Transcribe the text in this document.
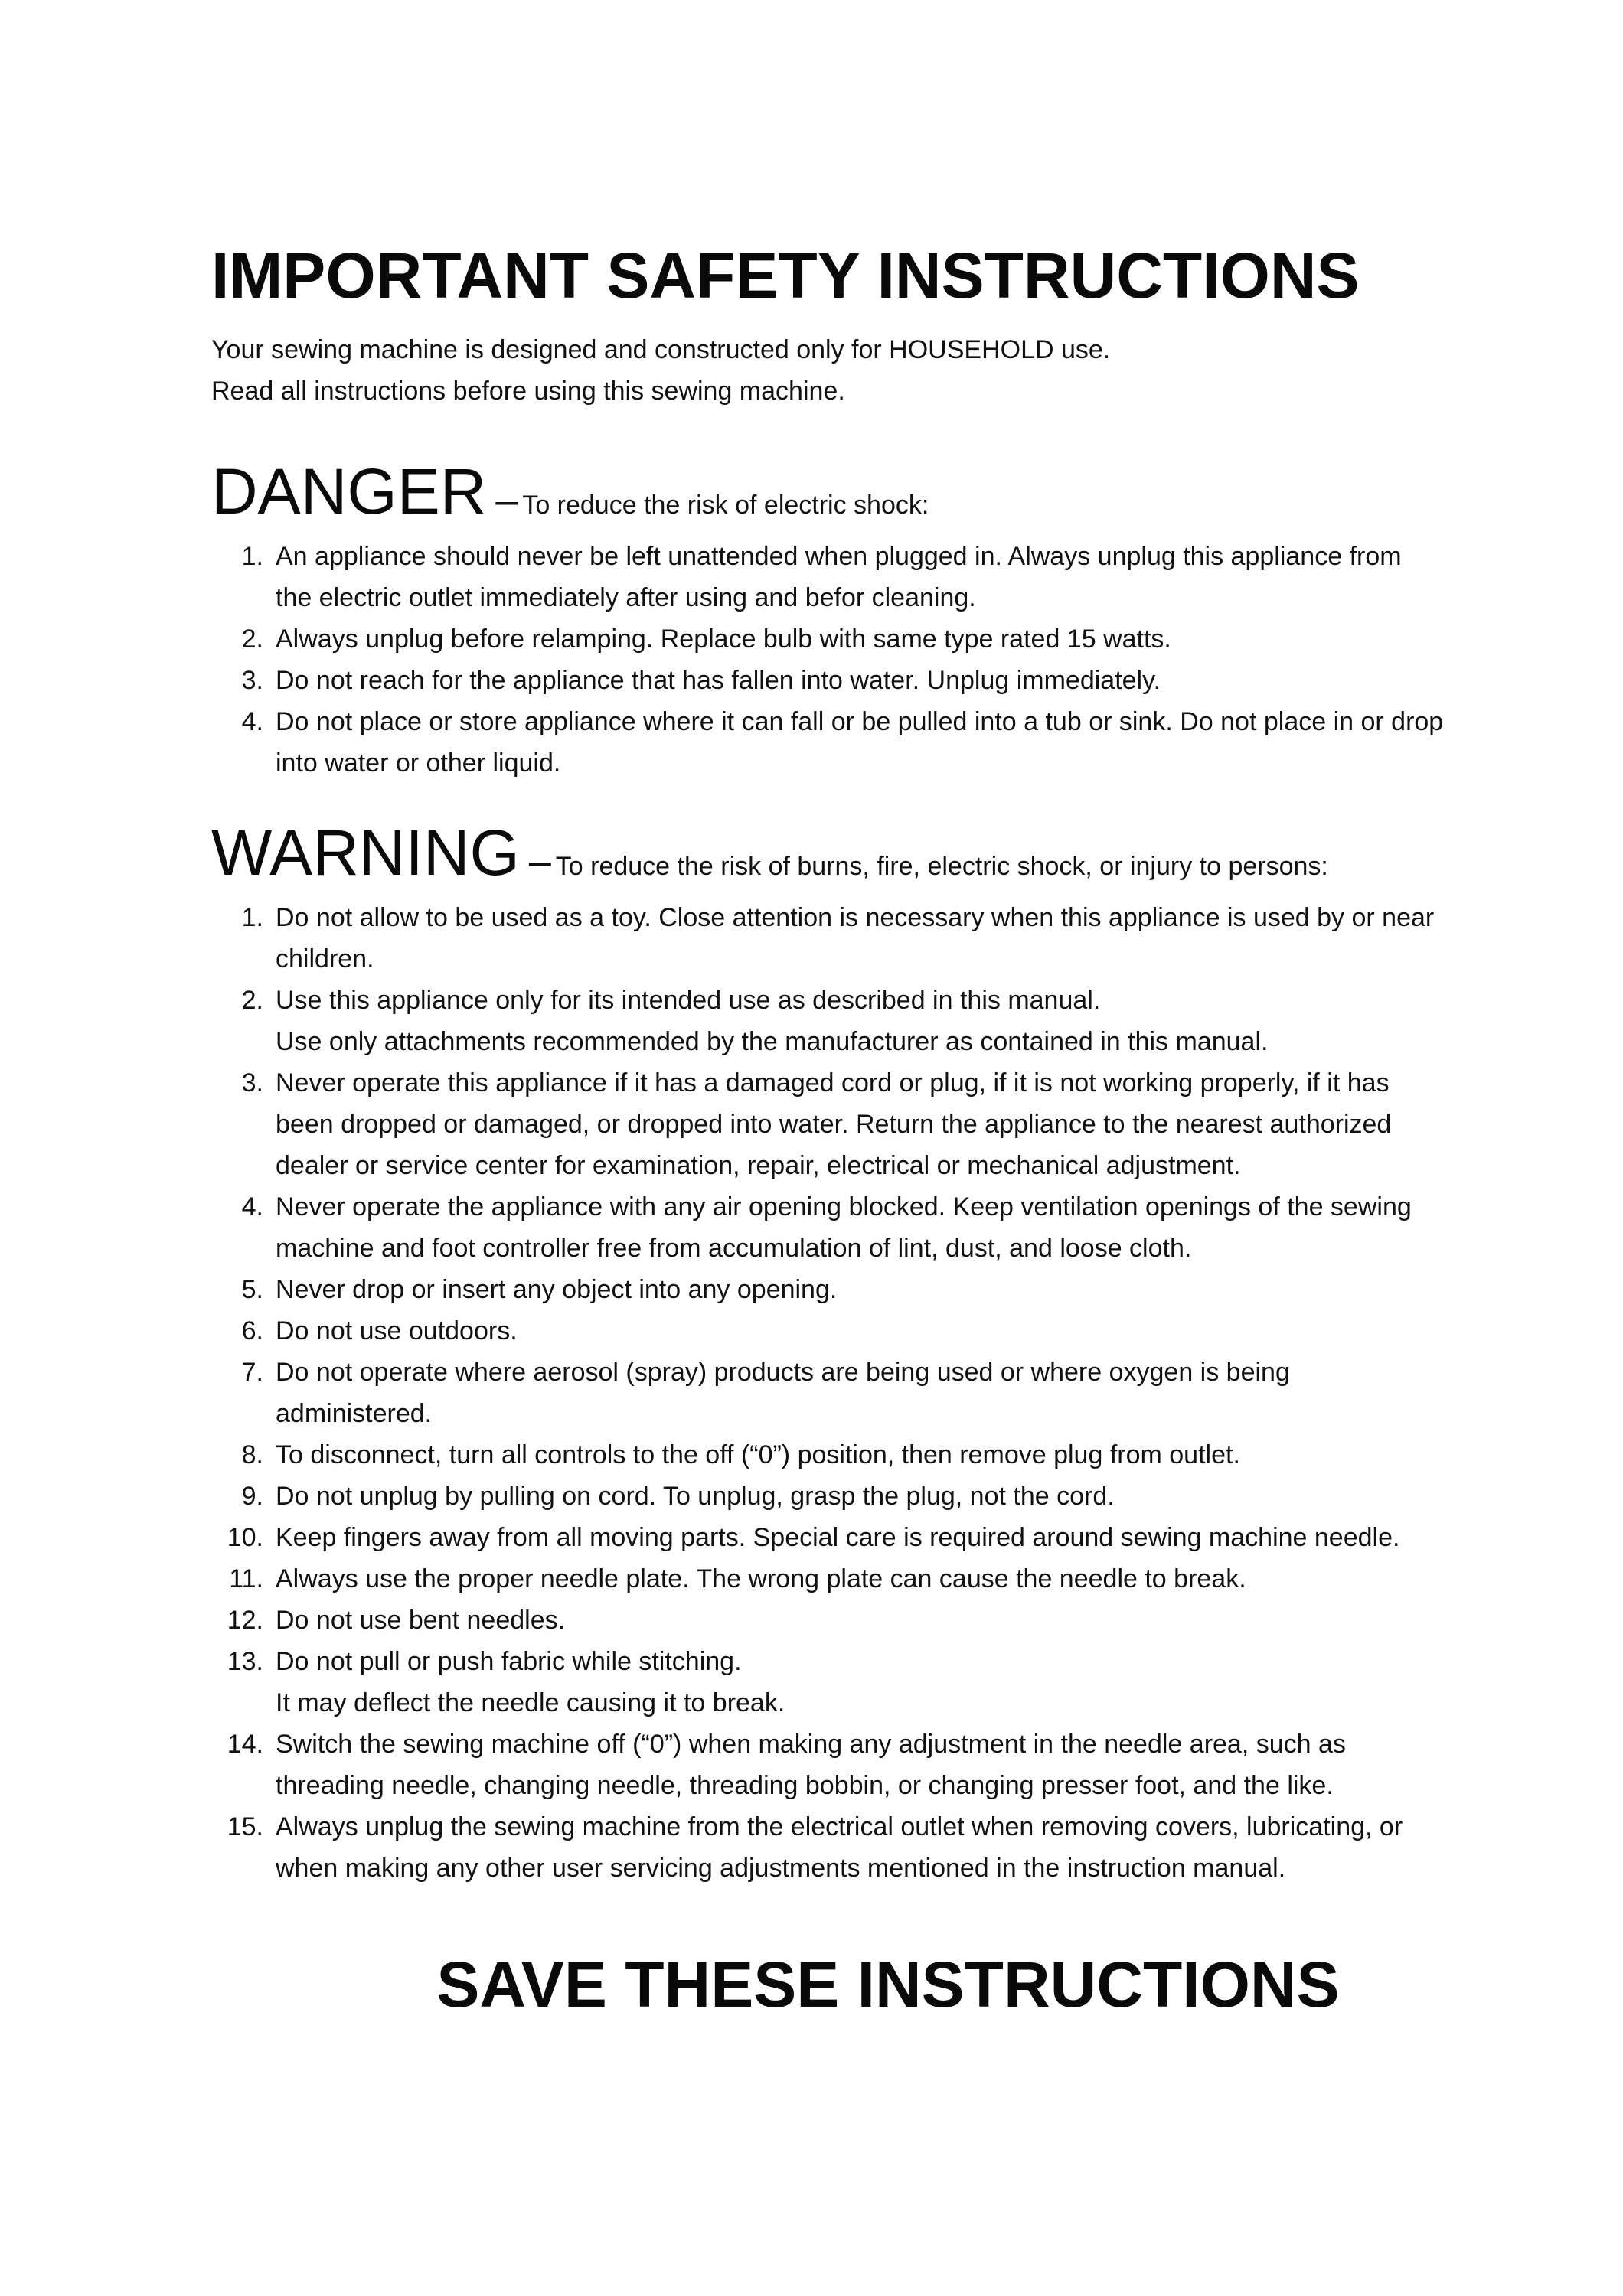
IMPORTANT SAFETY INSTRUCTIONS
Your sewing machine is designed and constructed only for HOUSEHOLD use.
Read all instructions before using this sewing machine.
DANGER – To reduce the risk of electric shock:
1. An appliance should never be left unattended when plugged in. Always unplug this appliance from
the electric outlet immediately after using and befor cleaning.
2. Always unplug before relamping. Replace bulb with same type rated 15 watts.
3. Do not reach for the appliance that has fallen into water. Unplug immediately.
4. Do not place or store appliance where it can fall or be pulled into a tub or sink. Do not place in or drop
into water or other liquid.
WARNING – To reduce the risk of burns, fire, electric shock, or injury to persons:
1. Do not allow to be used as a toy. Close attention is necessary when this appliance is used by or near
children.
2. Use this appliance only for its intended use as described in this manual.
Use only attachments recommended by the manufacturer as contained in this manual.
3. Never operate this appliance if it has a damaged cord or plug, if it is not working properly, if it has
been dropped or damaged, or dropped into water. Return the appliance to the nearest authorized
dealer or service center for examination, repair, electrical or mechanical adjustment.
4. Never operate the appliance with any air opening blocked. Keep ventilation openings of the sewing
machine and foot controller free from accumulation of lint, dust, and loose cloth.
5. Never drop or insert any object into any opening.
6. Do not use outdoors.
7. Do not operate where aerosol (spray) products are being used or where oxygen is being
administered.
8. To disconnect, turn all controls to the off (“0”) position, then remove plug from outlet.
9. Do not unplug by pulling on cord. To unplug, grasp the plug, not the cord.
10. Keep fingers away from all moving parts. Special care is required around sewing machine needle.
11. Always use the proper needle plate. The wrong plate can cause the needle to break.
12. Do not use bent needles.
13. Do not pull or push fabric while stitching.
It may deflect the needle causing it to break.
14. Switch the sewing machine off (“0”) when making any adjustment in the needle area, such as
threading needle, changing needle, threading bobbin, or changing presser foot, and the like.
15. Always unplug the sewing machine from the electrical outlet when removing covers, lubricating, or
when making any other user servicing adjustments mentioned in the instruction manual.
SAVE THESE INSTRUCTIONS
